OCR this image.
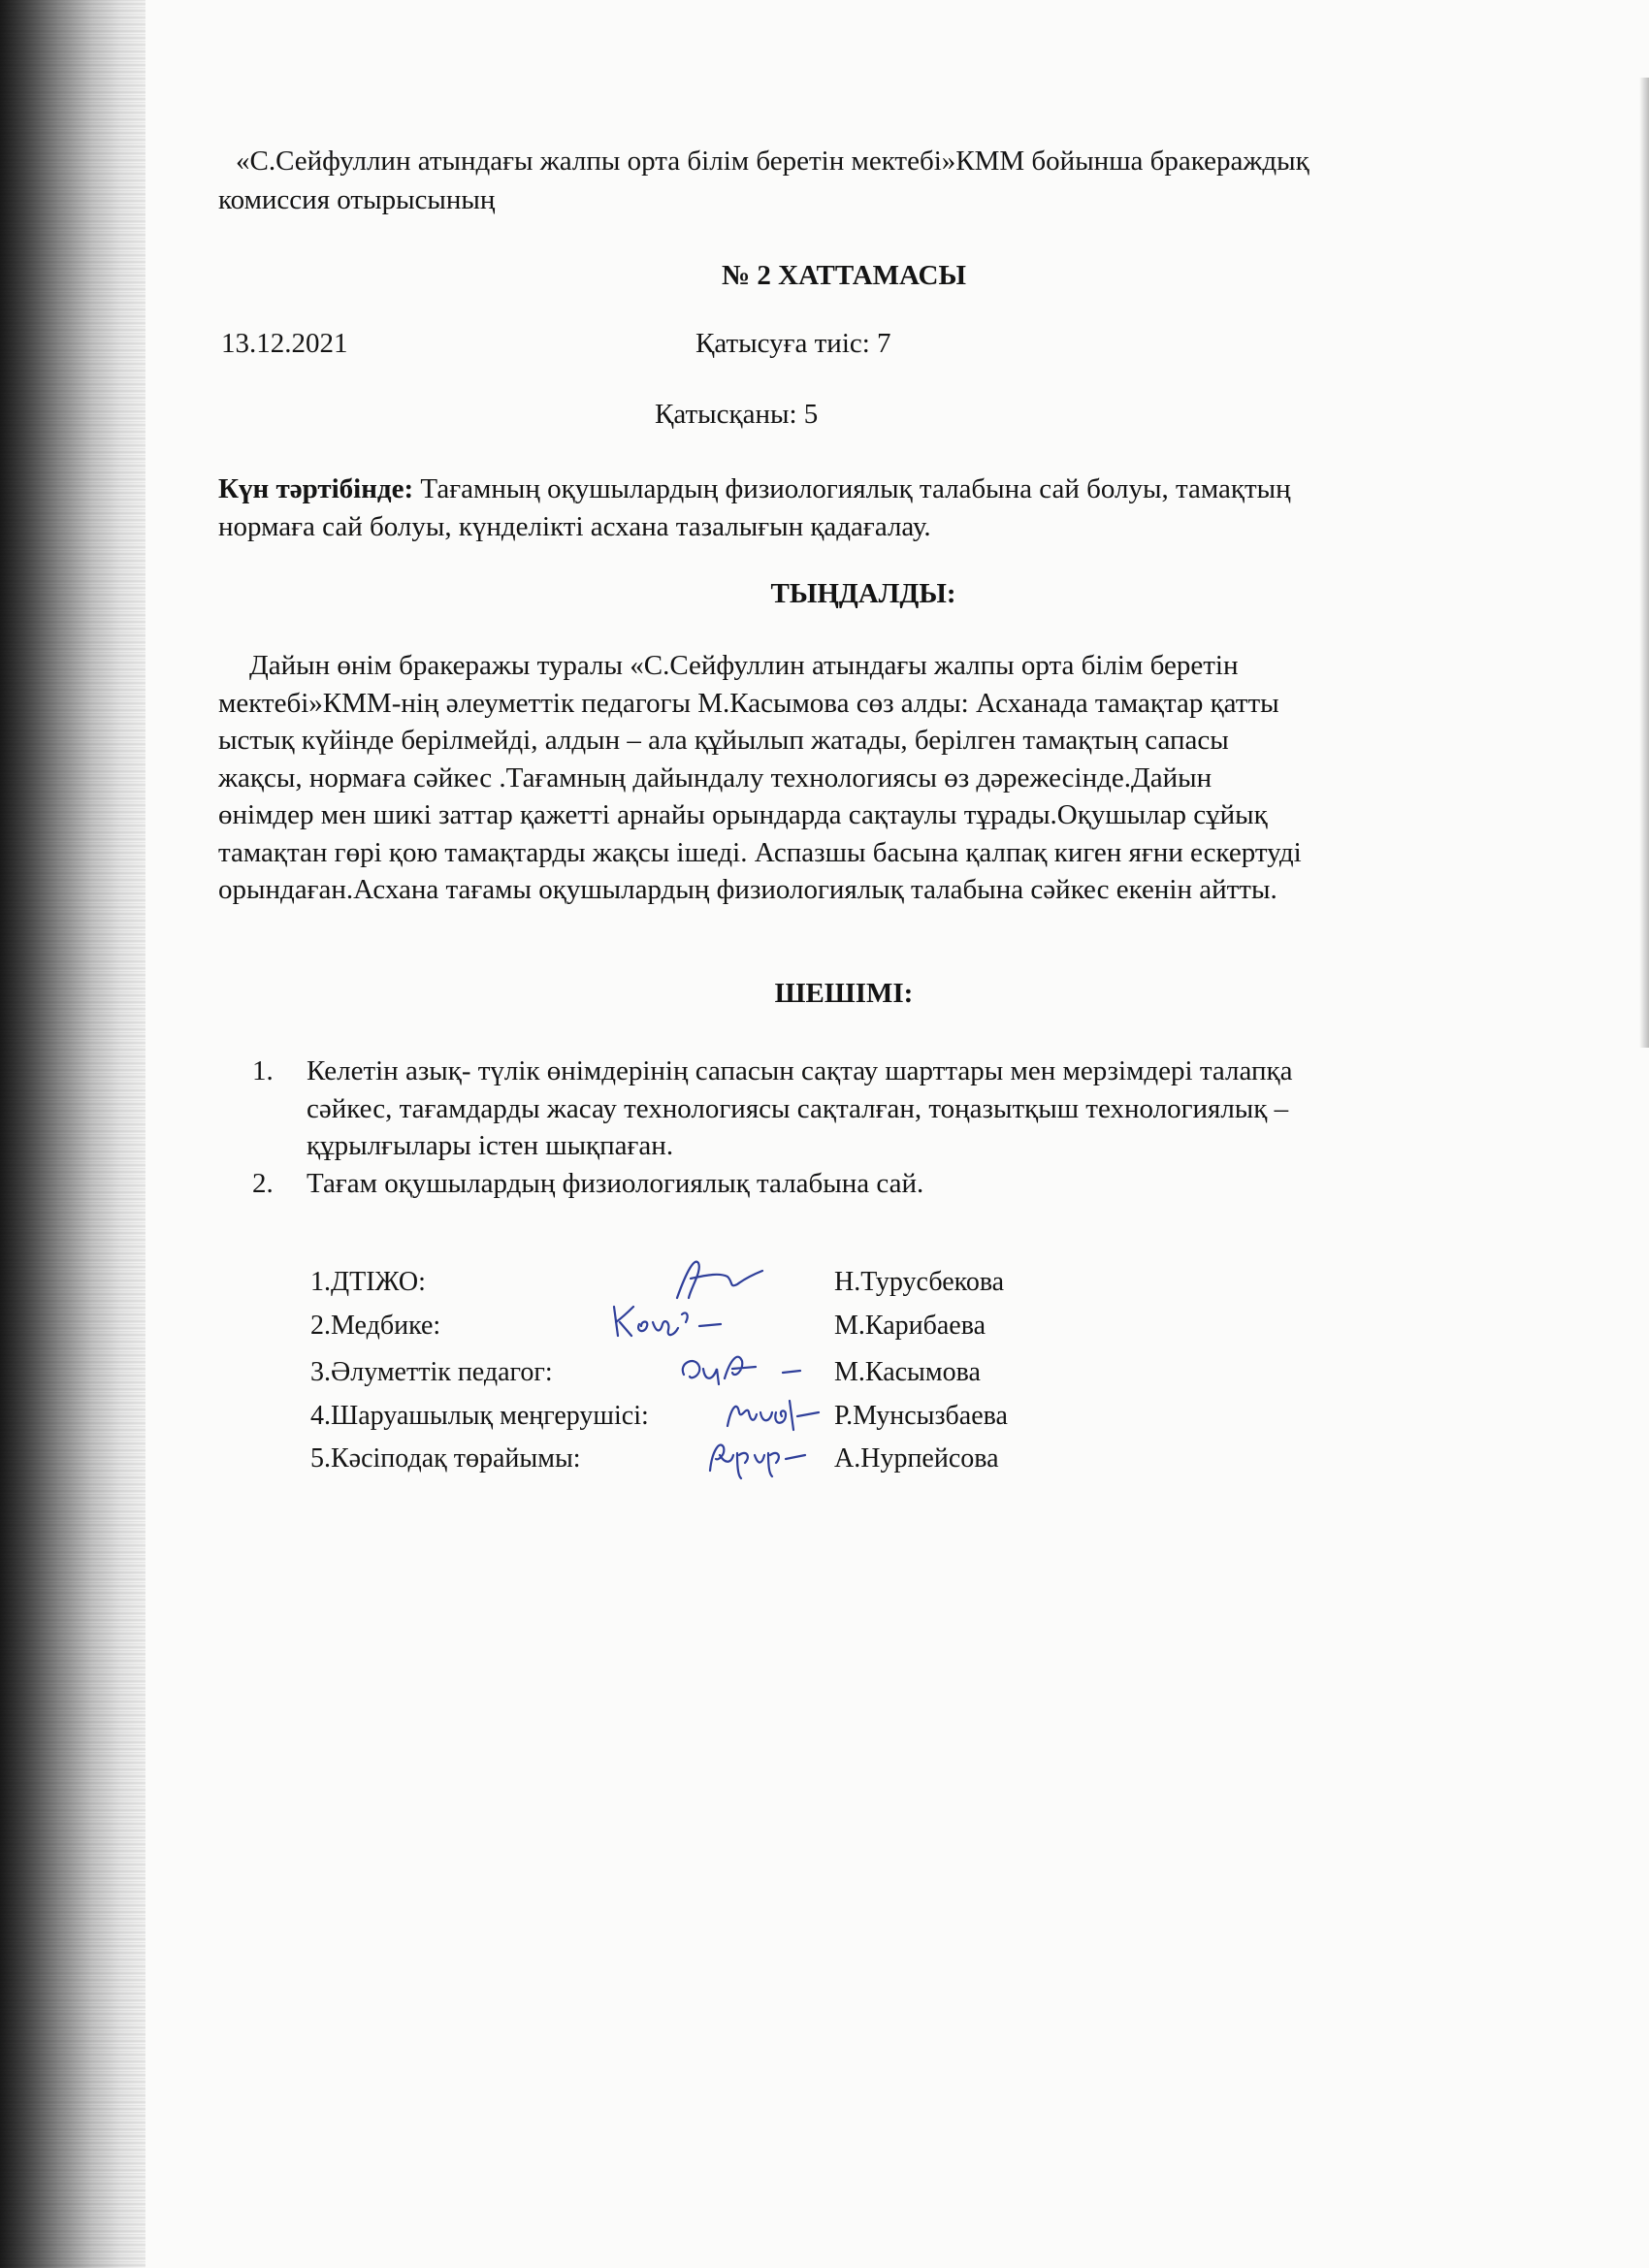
«С.Сейфуллин атындағы жалпы орта білім беретін мектебі»КММ бойынша бракераждық
комиссия отырысының
№ 2 ХАТТАМАСЫ
13.12.2021	Қатысуға тиіс: 7
Қатысқаны: 5

Күн тәртібінде: Тағамның оқушылардың физиологиялық талабына сай болуы, тамақтың

нормаға сай болуы, күнделікті асхана тазалығын қадағалау.

ТЫҢДАЛДЫ:

Дайын өнім бракеражы туралы «С.Сейфуллин атындағы жалпы орта білім беретін

мектебі»КММ-нің әлеуметтік педагогы М.Касымова сөз алды: Асханада тамақтар қатты

ыстық күйінде берілмейді, алдын – ала құйылып жатады, берілген тамақтың сапасы

жақсы, нормаға сәйкес .Тағамның дайындалу технологиясы өз дәрежесінде.Дайын

өнімдер мен шикі заттар қажетті арнайы орындарда сақтаулы тұрады.Оқушылар сұйық

тамақтан гөрі қою тамақтарды жақсы ішеді. Аспазшы басына қалпақ киген яғни ескертуді

орындаған.Асхана тағамы оқушылардың физиологиялық талабына сәйкес екенін айтты.

ШЕШІМІ:
1. Келетін азық- түлік өнімдерінің сапасын сақтау шарттары мен мерзімдері талапқа
сәйкес, тағамдарды жасау технологиясы сақталған, тоңазытқыш технологиялық –
құрылғылары істен шықпаған.
2. Тағам оқушылардың физиологиялық талабына сай.
1.ДТІЖО:	Н.Турусбекова
2.Медбике:	М.Карибаева
3.Әлуметтік педагог:	М.Касымова
4.Шаруашылық меңгерушісі:	Р.Мунсызбаева
5.Кәсіподақ төрайымы:	А.Нурпейсова
